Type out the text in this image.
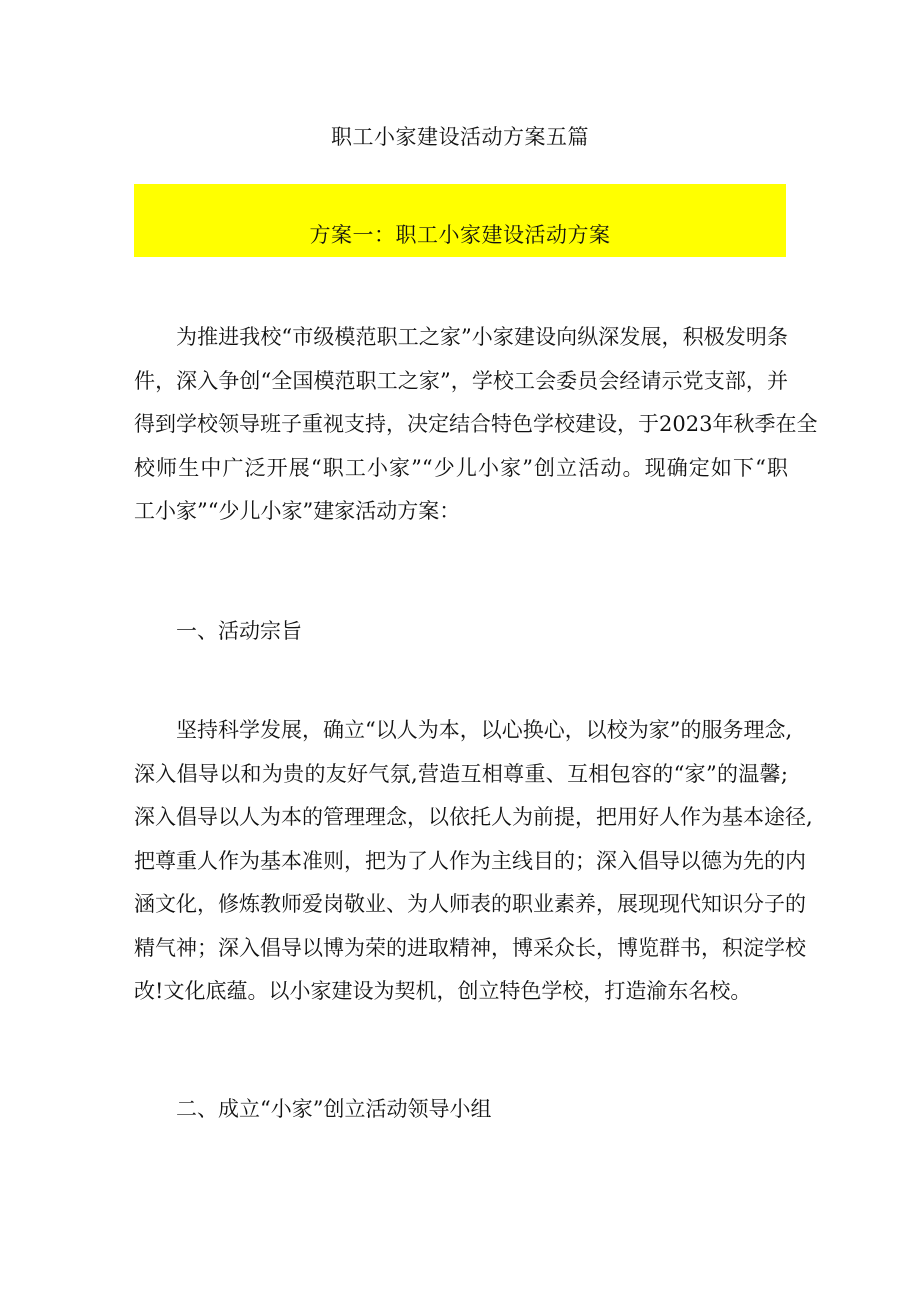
职工小家建设活动方案五篇
方案一：职工小家建设活动方案
为推进我校“市级模范职工之家”小家建设向纵深发展，积极发明条
件，深入争创“全国模范职工之家”，学校工会委员会经请示党支部，并
得到学校领导班子重视支持，决定结合特色学校建设，于2023年秋季在全
校师生中广泛开展“职工小家”“少儿小家”创立活动。现确定如下“职
工小家”“少儿小家”建家活动方案：
一、活动宗旨
坚持科学发展，确立“以人为本，以心换心，以校为家”的服务理念,
深入倡导以和为贵的友好气氛,营造互相尊重、互相包容的“家”的温馨;
深入倡导以人为本的管理理念，以依托人为前提，把用好人作为基本途径,
把尊重人作为基本准则，把为了人作为主线目的；深入倡导以德为先的内
涵文化，修炼教师爱岗敬业、为人师表的职业素养，展现现代知识分子的
精气神；深入倡导以博为荣的进取精神，博采众长，博览群书，积淀学校
改!文化底蕴。以小家建设为契机，创立特色学校，打造渝东名校。
二、成立“小家”创立活动领导小组
